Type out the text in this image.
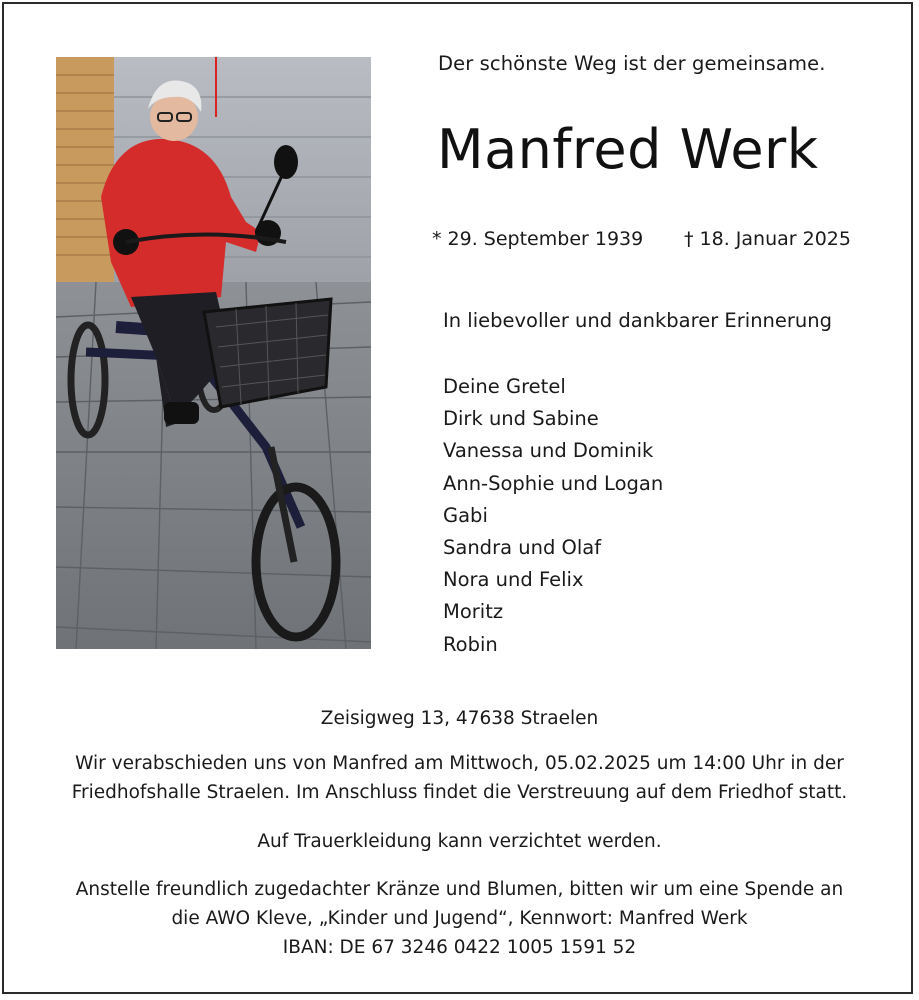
Der schönste Weg ist der gemeinsame.
Manfred Werk
* 29. September 1939 † 18. Januar 2025
In liebevoller und dankbarer Erinnerung
Deine Gretel
Dirk und Sabine
Vanessa und Dominik
Ann-Sophie und Logan
Gabi
Sandra und Olaf
Nora und Felix
Moritz
Robin
Zeisigweg 13, 47638 Straelen
Wir verabschieden uns von Manfred am Mittwoch, 05.02.2025 um 14:00 Uhr in der
Friedhofshalle Straelen. Im Anschluss findet die Verstreuung auf dem Friedhof statt.
Auf Trauerkleidung kann verzichtet werden.
Anstelle freundlich zugedachter Kränze und Blumen, bitten wir um eine Spende an
die AWO Kleve, „Kinder und Jugend“, Kennwort: Manfred Werk
IBAN: DE 67 3246 0422 1005 1591 52
